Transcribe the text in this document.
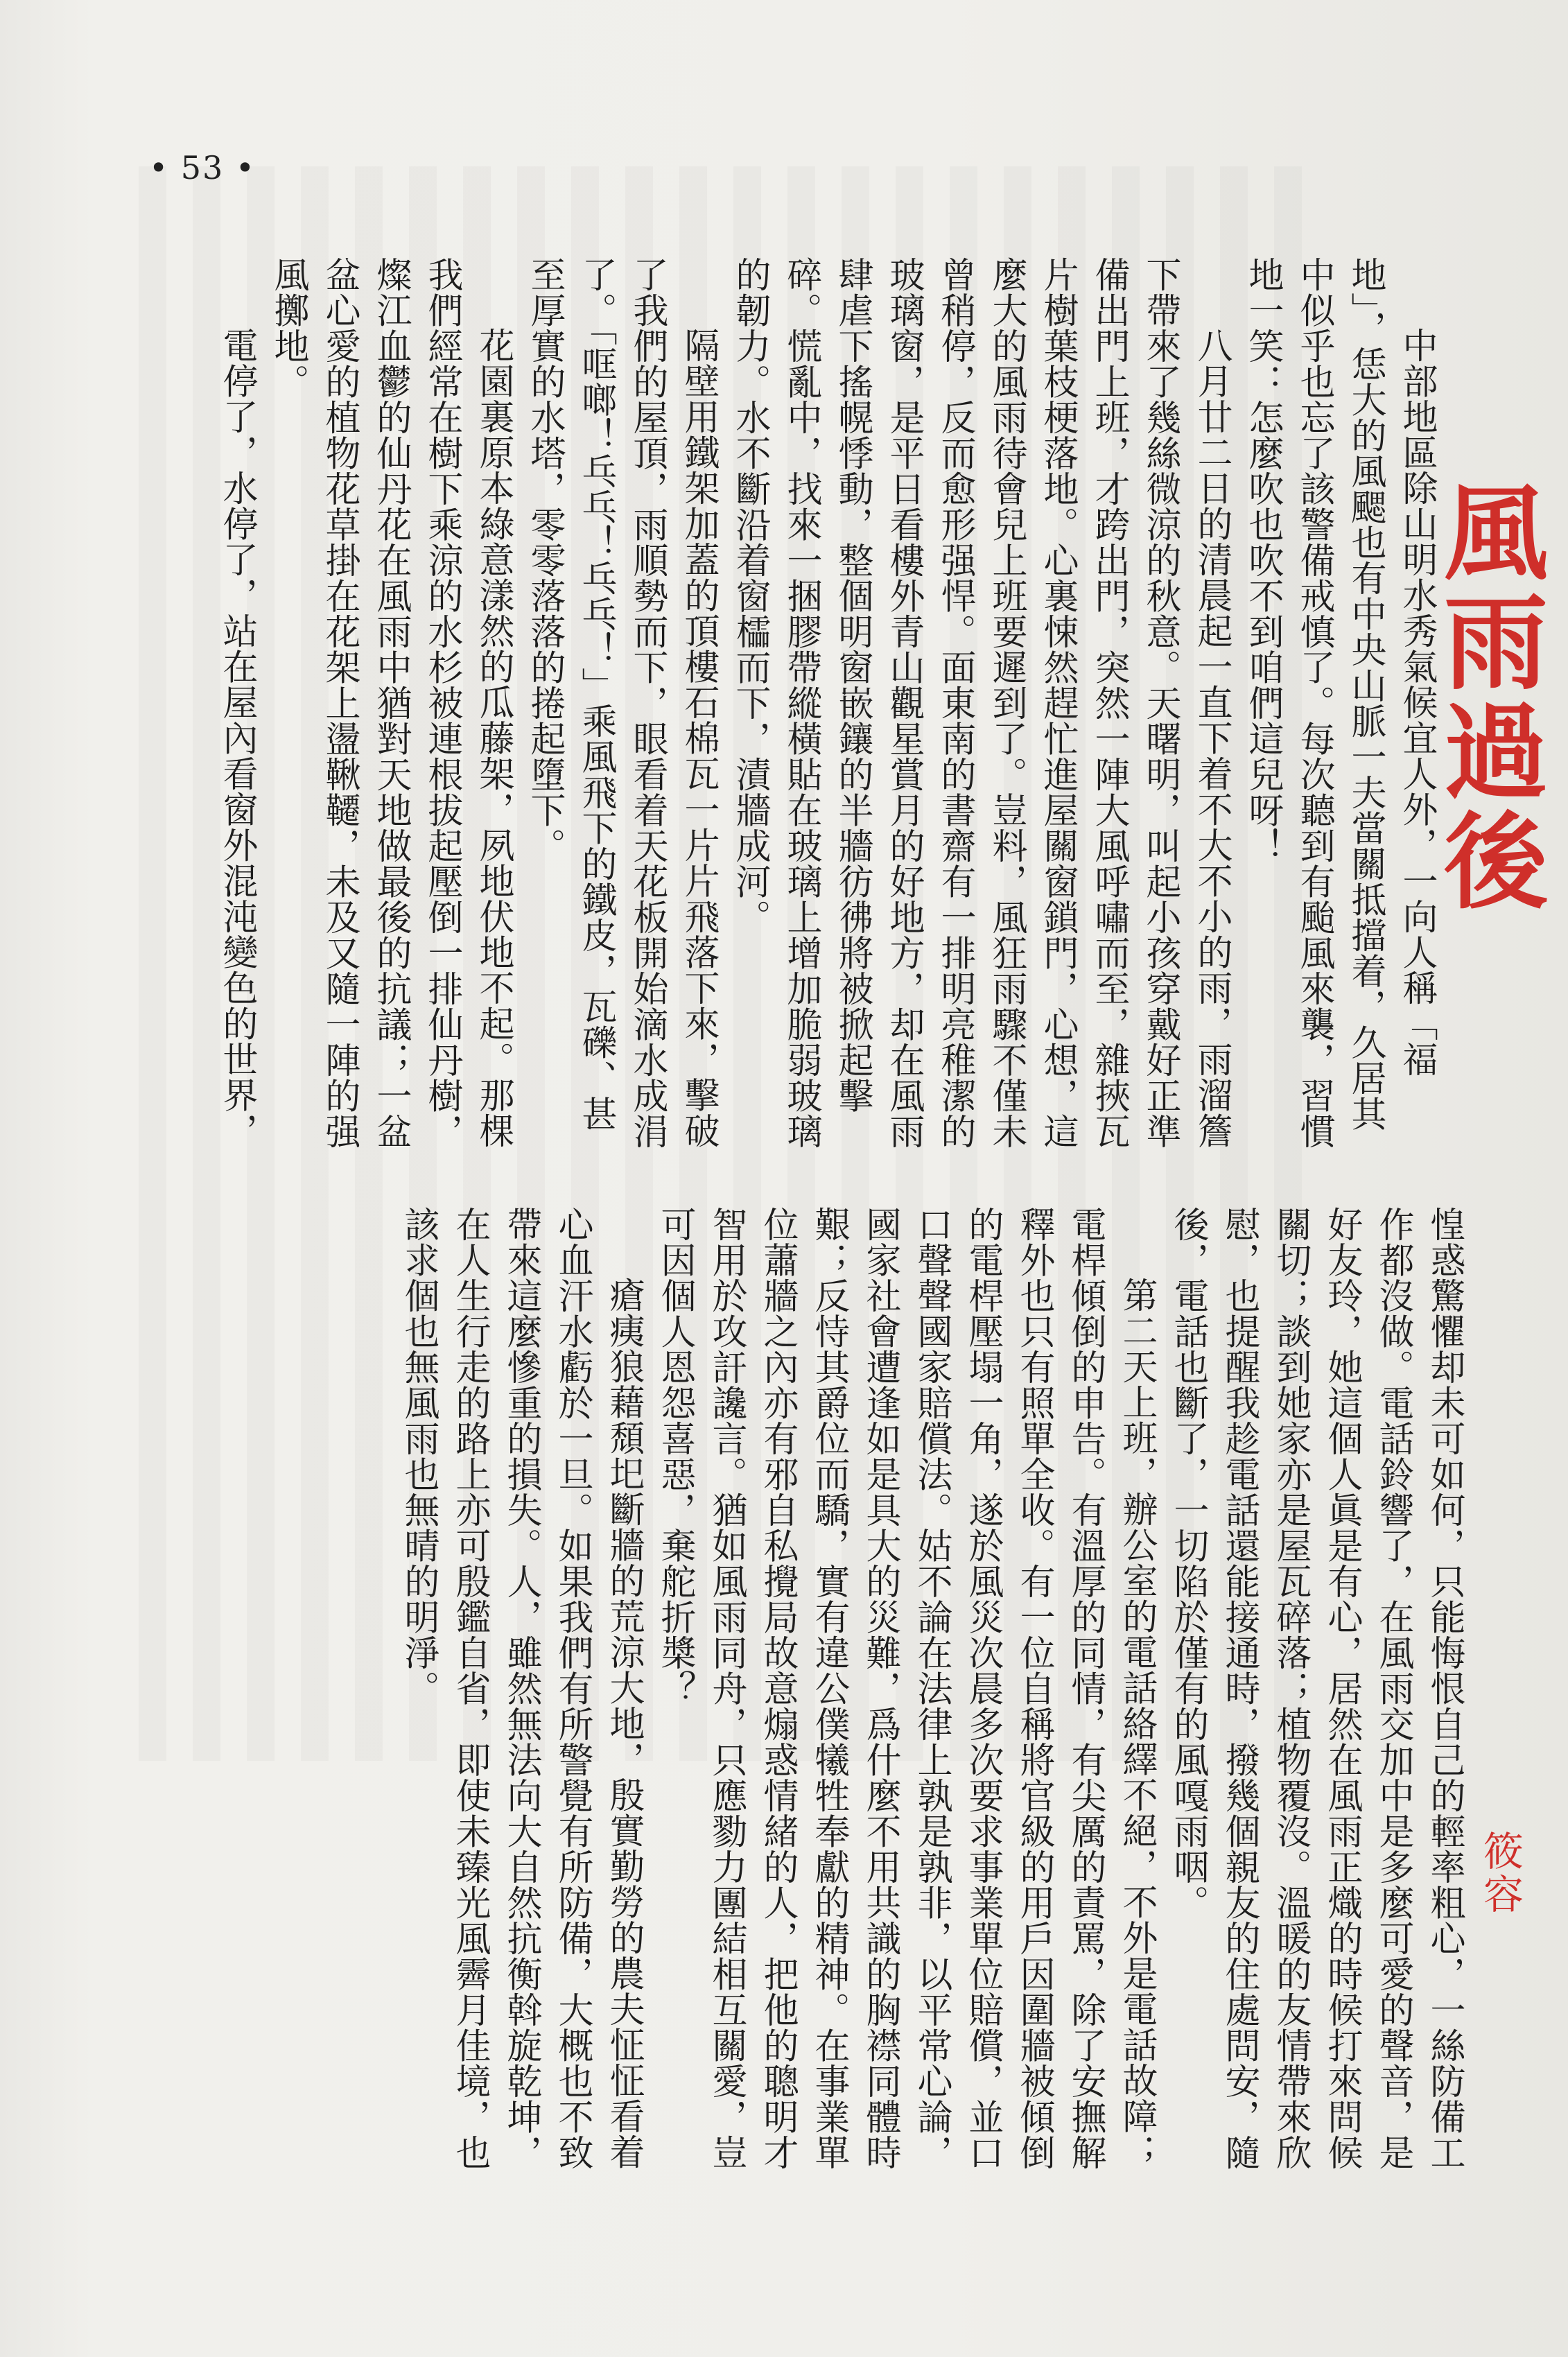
風雨過後
筱容

中部地區除山明水秀氣候宜人外，一向人稱「福地」，恁大的風颸也有中央山脈一夫當關抵擋着，久居其中似乎也忘了該警備戒慎了。每次聽到有颱風來襲，習慣地一笑：怎麼吹也吹不到咱們這兒呀！

八月廿二日的清晨起一直下着不大不小的雨，雨溜簷下帶來了幾絲微涼的秋意。天曙明，叫起小孩穿戴好正準備出門上班，才跨出門，突然一陣大風呼嘯而至，雜挾瓦片樹葉枝梗落地。心裏悚然趕忙進屋關窗鎖門，心想，這麼大的風雨待會兒上班要遲到了。豈料，風狂雨驟不僅未曾稍停，反而愈形强悍。面東南的書齋有一排明亮稚潔的玻璃窗，是平日看樓外青山觀星賞月的好地方，却在風雨肆虐下搖幌悸動，整個明窗嵌鑲的半牆彷彿將被掀起擊碎。慌亂中，找來一捆膠帶縱橫貼在玻璃上增加脆弱玻璃的韌力。水不斷沿着窗櫺而下，漬牆成河。

隔壁用鐵架加蓋的頂樓石棉瓦一片片飛落下來，擊破了我們的屋頂，雨順勢而下，眼看着天花板開始滴水成涓了。「哐啷！乓乓！乓乓！」乘風飛下的鐵皮，瓦礫、甚至厚實的水塔，零零落落的捲起墮下。

花園裏原本綠意漾然的瓜藤架，夙地伏地不起。那棵我們經常在樹下乘涼的水杉被連根拔起壓倒一排仙丹樹，燦江血鬱的仙丹花在風雨中猶對天地做最後的抗議；一盆盆心愛的植物花草掛在花架上盪鞦韆，未及又隨一陣的强風擲地。

電停了，水停了，站在屋內看窗外混沌變色的世界，

惶惑驚懼却未可如何，只能悔恨自己的輕率粗心，一絲防備工作都沒做。電話鈴響了，在風雨交加中是多麼可愛的聲音，是好友玲，她這個人眞是有心，居然在風雨正熾的時候打來問候關切；談到她家亦是屋瓦碎落；植物覆沒。溫暖的友情帶來欣慰，也提醒我趁電話還能接通時，撥幾個親友的住處問安，隨後，電話也斷了，一切陷於僅有的風嘎雨咽。

第二天上班，辦公室的電話絡繹不絕，不外是電話故障；電桿傾倒的申告。有溫厚的同情，有尖厲的責罵，除了安撫解釋外也只有照單全收。有一位自稱將官級的用戶因圍牆被傾倒的電桿壓塌一角，遂於風災次晨多次要求事業單位賠償，並口口聲聲國家賠償法。姑不論在法律上孰是孰非，以平常心論，國家社會遭逢如是具大的災難，爲什麼不用共識的胸襟同體時艱；反恃其爵位而驕，實有違公僕犧牲奉獻的精神。在事業單位蕭牆之內亦有邪自私攪局故意煽惑情緒的人，把他的聰明才智用於攻訐讒言。猶如風雨同舟，只應勠力團結相互關愛，豈可因個人恩怨喜惡，棄舵折槳？

瘡痍狼藉頹圯斷牆的荒涼大地，殷實勤勞的農夫怔怔看着心血汗水虧於一旦。如果我們有所警覺有所防備，大概也不致帶來這麼慘重的損失。人，雖然無法向大自然抗衡斡旋乾坤，在人生行走的路上亦可殷鑑自省，即使未臻光風霽月佳境，也該求個也無風雨也無晴的明淨。

• 53 •
